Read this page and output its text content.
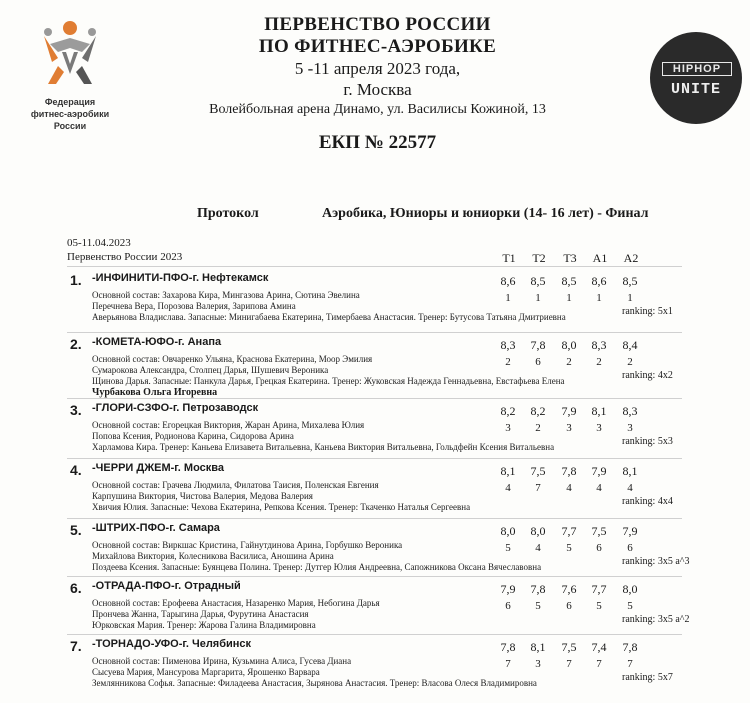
Федерация
фитнес-аэробики
России
ПЕРВЕНСТВО РОССИИ
ПО ФИТНЕС-АЭРОБИКЕ
5 -11 апреля 2023 года,
г. Москва
Волейбольная арена Динамо, ул. Василисы Кожиной, 13
ЕКП № 22577
HIPHOP
UNITE
Протокол	Аэробика, Юниоры и юниорки (14- 16 лет) - Финал
05-11.04.2023
Первенство России 2023	T1	T2	T3	A1	A2
1. -ИНФИНИТИ-ПФО-г. Нефтекамск
Основной состав: Захарова Кира, Мингазова Арина, Сютина Эвелина
Перечнева Вера, Порозова Валерия, Зарипова Амина
Аверьянова Владислава. Запасные: Минигабаева Екатерина, Тимербаева Анастасия. Тренер: Бутусова Татьяна Дмитриевна
8,6	8,5	8,5	8,6	8,5
1	1	1	1	1
ranking: 5x1
2. -КОМЕТА-ЮФО-г. Анапа
Основной состав: Овчаренко Ульяна, Краснова Екатерина, Моор Эмилия
Сумарокова Александра, Столпец Дарья, Шушевич Вероника
Щинова Дарья. Запасные: Панкула Дарья, Грецкая Екатерина. Тренер: Жуковская Надежда Геннадьевна, Евстафьева Елена
Чурбакова Ольга Игоревна
8,3	7,8	8,0	8,3	8,4
2	6	2	2	2
ranking: 4x2
3. -ГЛОРИ-СЗФО-г. Петрозаводск
Основной состав: Егорецкая Виктория, Жаран Арина, Михалева Юлия
Попова Ксения, Родионова Карина, Сидорова Арина
Харламова Кира. Тренер: Каньева Елизавета Витальевна, Каньева Виктория Витальевна, Гольдфейн Ксения Витальевна
8,2	8,2	7,9	8,1	8,3
3	2	3	3	3
ranking: 5x3
4. -ЧЕРРИ ДЖЕМ-г. Москва
Основной состав: Грачева Людмила, Филатова Таисия, Поленская Евгения
Карпушина Виктория, Чистова Валерия, Медова Валерия
Хвичия Юлия. Запасные: Чехова Екатерина, Репкова Ксения. Тренер: Ткаченко Наталья Сергеевна
8,1	7,5	7,8	7,9	8,1
4	7	4	4	4
ranking: 4x4
5. -ШТРИХ-ПФО-г. Самара
Основной состав: Виркшас Кристина, Гайнутдинова Арина, Горбушко Вероника
Михайлова Виктория, Колесникова Василиса, Аношина Арина
Поздеева Ксения. Запасные: Буянцева Полина. Тренер: Дутгер Юлия Андреевна, Сапожникова Оксана Вячеславовна
8,0	8,0	7,7	7,5	7,9
5	4	5	6	6
ranking: 3x5 a^3
6. -ОТРАДА-ПФО-г. Отрадный
Основной состав: Ерофеева Анастасия, Назаренко Мария, Небогина Дарья
Прончева Жанна, Тарыгина Дарья, Фурутина Анастасия
Юрковская Мария. Тренер: Жарова Галина Владимировна
7,9	7,8	7,6	7,7	8,0
6	5	6	5	5
ranking: 3x5 a^2
7. -ТОРНАДО-УФО-г. Челябинск
Основной состав: Пименова Ирина, Кузьмина Алиса, Гусева Диана
Сысуева Мария, Мансурова Маргарита, Ярошенко Варвара
Землянникова Софья. Запасные: Филадеева Анастасия, Зырянова Анастасия. Тренер: Власова Олеся Владимировна
7,8	8,1	7,5	7,4	7,8
7	3	7	7	7
ranking: 5x7
